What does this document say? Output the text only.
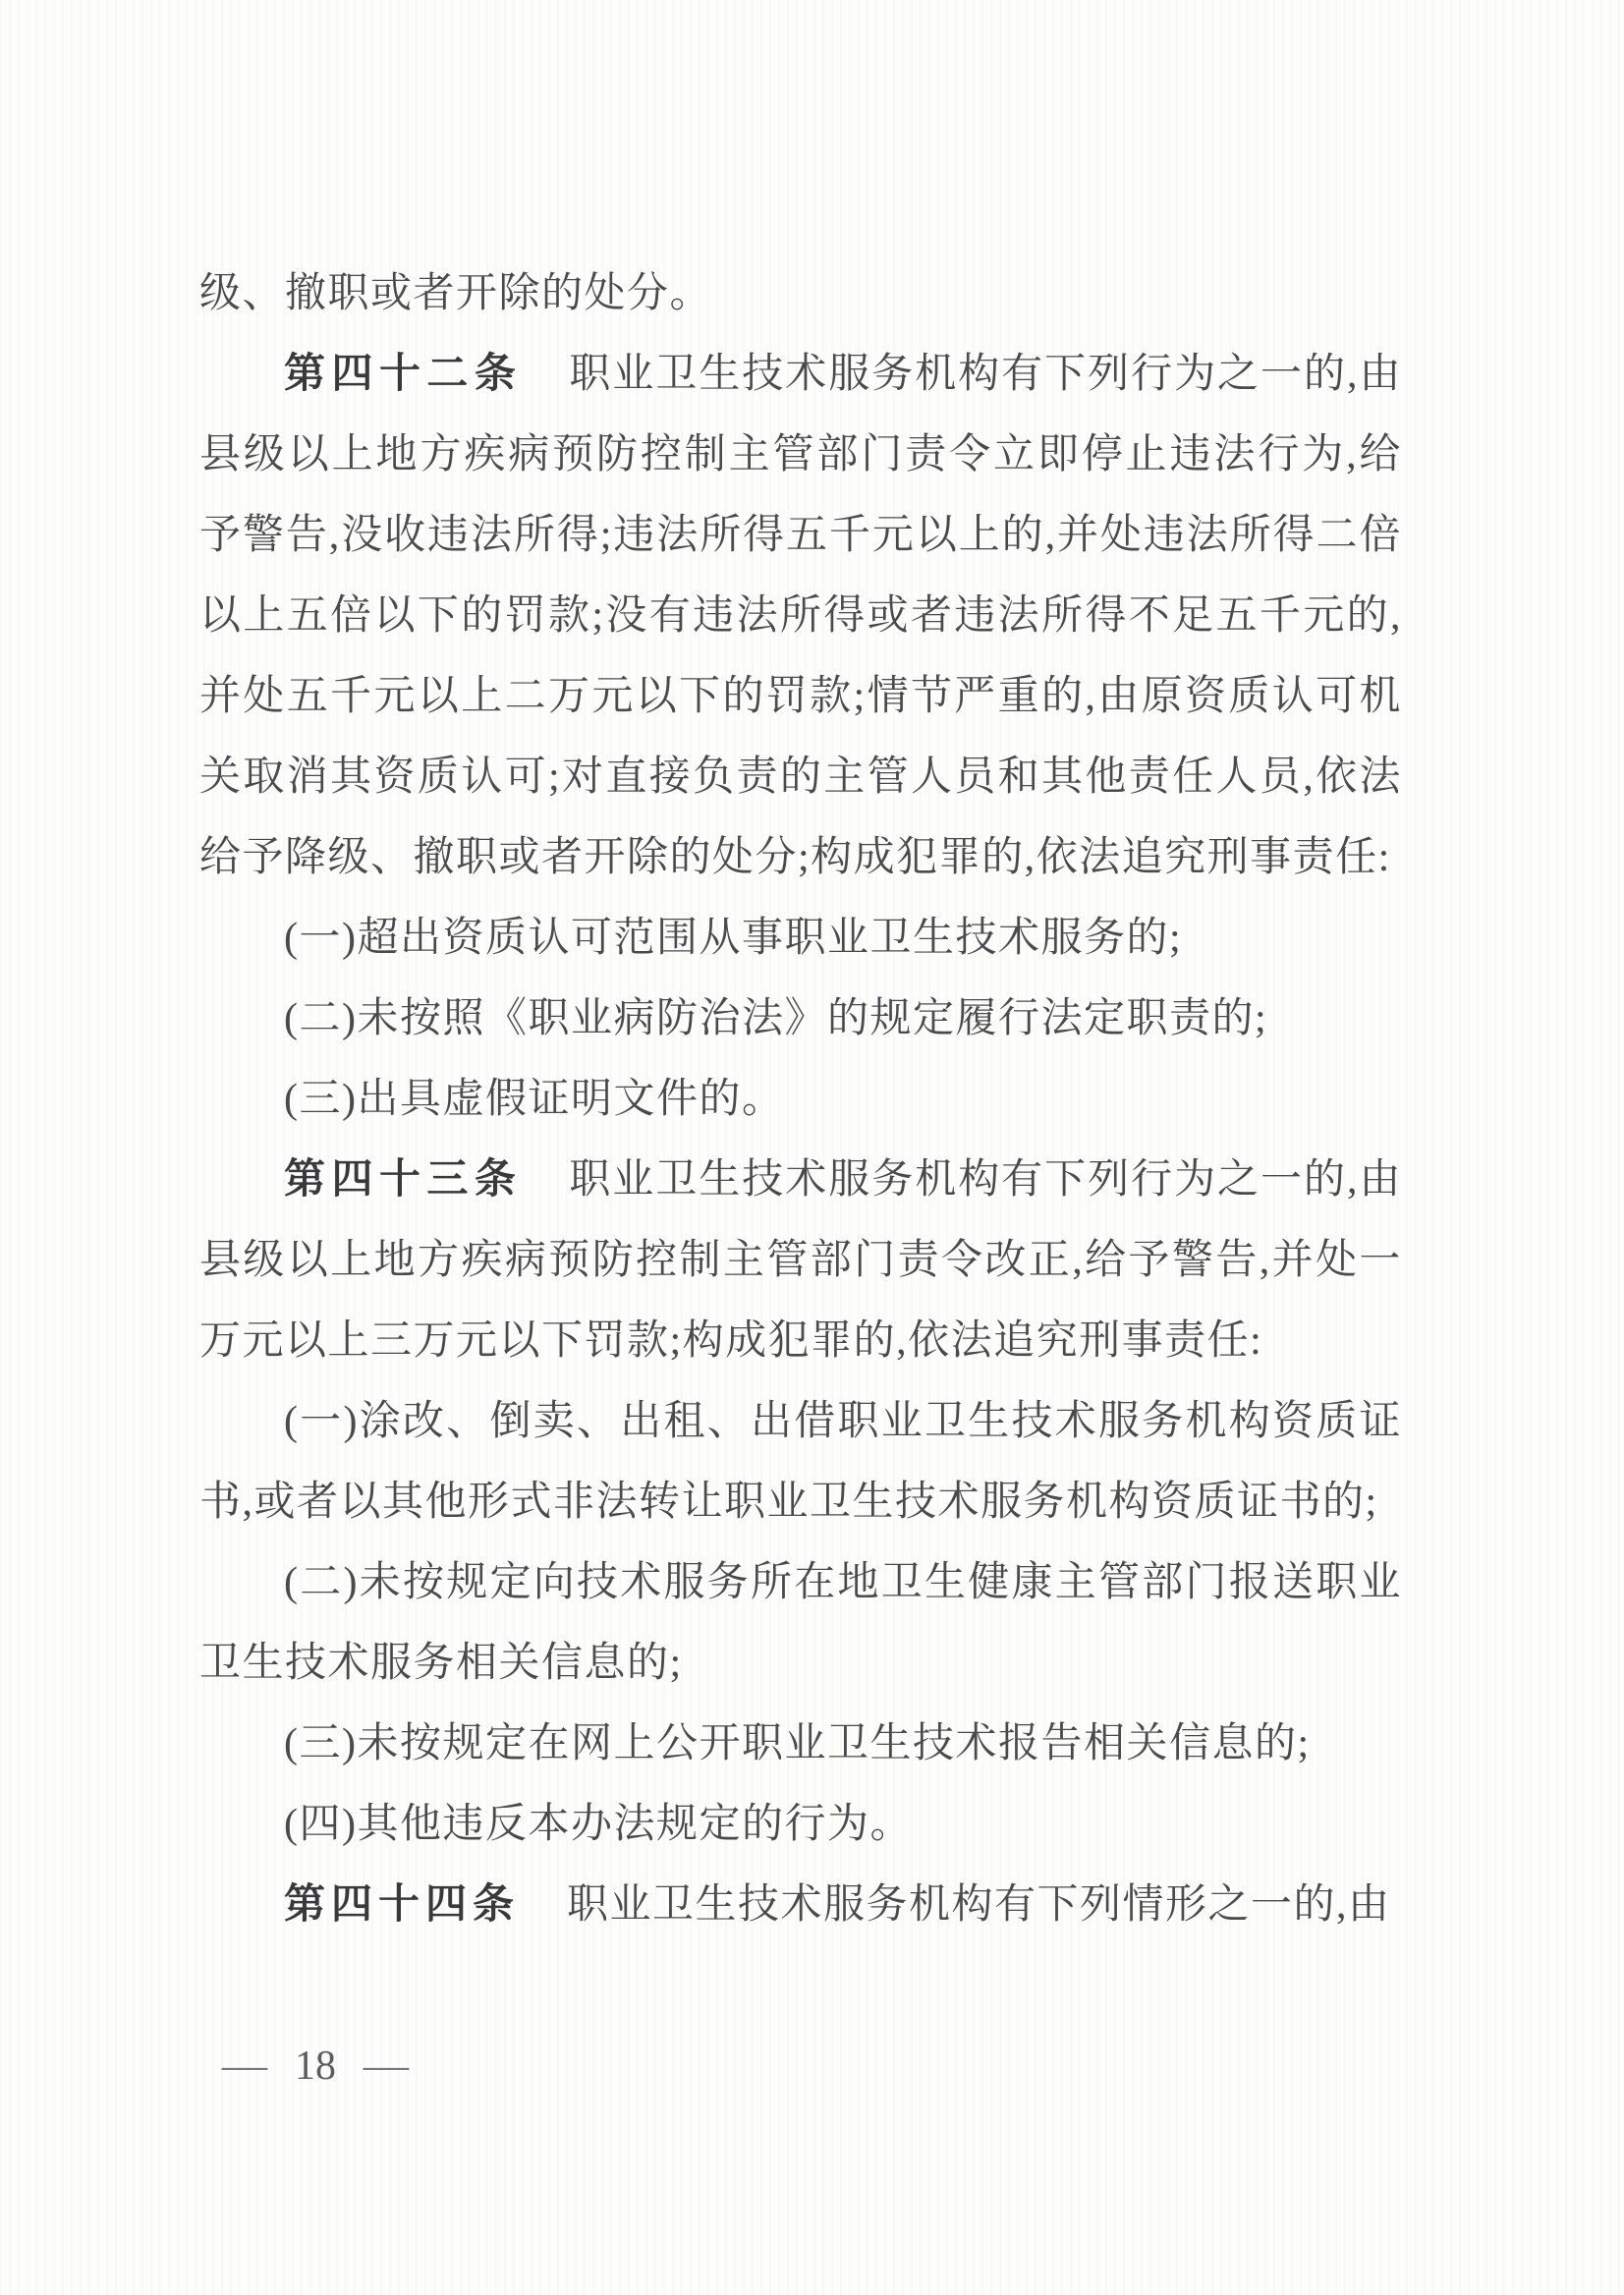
级、撤职或者开除的处分。

第四十二条 职业卫生技术服务机构有下列行为之一的,由县级以上地方疾病预防控制主管部门责令立即停止违法行为,给予警告,没收违法所得;违法所得五千元以上的,并处违法所得二倍以上五倍以下的罚款;没有违法所得或者违法所得不足五千元的,并处五千元以上二万元以下的罚款;情节严重的,由原资质认可机关取消其资质认可;对直接负责的主管人员和其他责任人员,依法给予降级、撤职或者开除的处分;构成犯罪的,依法追究刑事责任:

(一)超出资质认可范围从事职业卫生技术服务的;

(二)未按照《职业病防治法》的规定履行法定职责的;

(三)出具虚假证明文件的。

第四十三条 职业卫生技术服务机构有下列行为之一的,由县级以上地方疾病预防控制主管部门责令改正,给予警告,并处一万元以上三万元以下罚款;构成犯罪的,依法追究刑事责任:

(一)涂改、倒卖、出租、出借职业卫生技术服务机构资质证书,或者以其他形式非法转让职业卫生技术服务机构资质证书的;

(二)未按规定向技术服务所在地卫生健康主管部门报送职业卫生技术服务相关信息的;

(三)未按规定在网上公开职业卫生技术报告相关信息的;

(四)其他违反本办法规定的行为。

第四十四条 职业卫生技术服务机构有下列情形之一的,由

— 18 —
